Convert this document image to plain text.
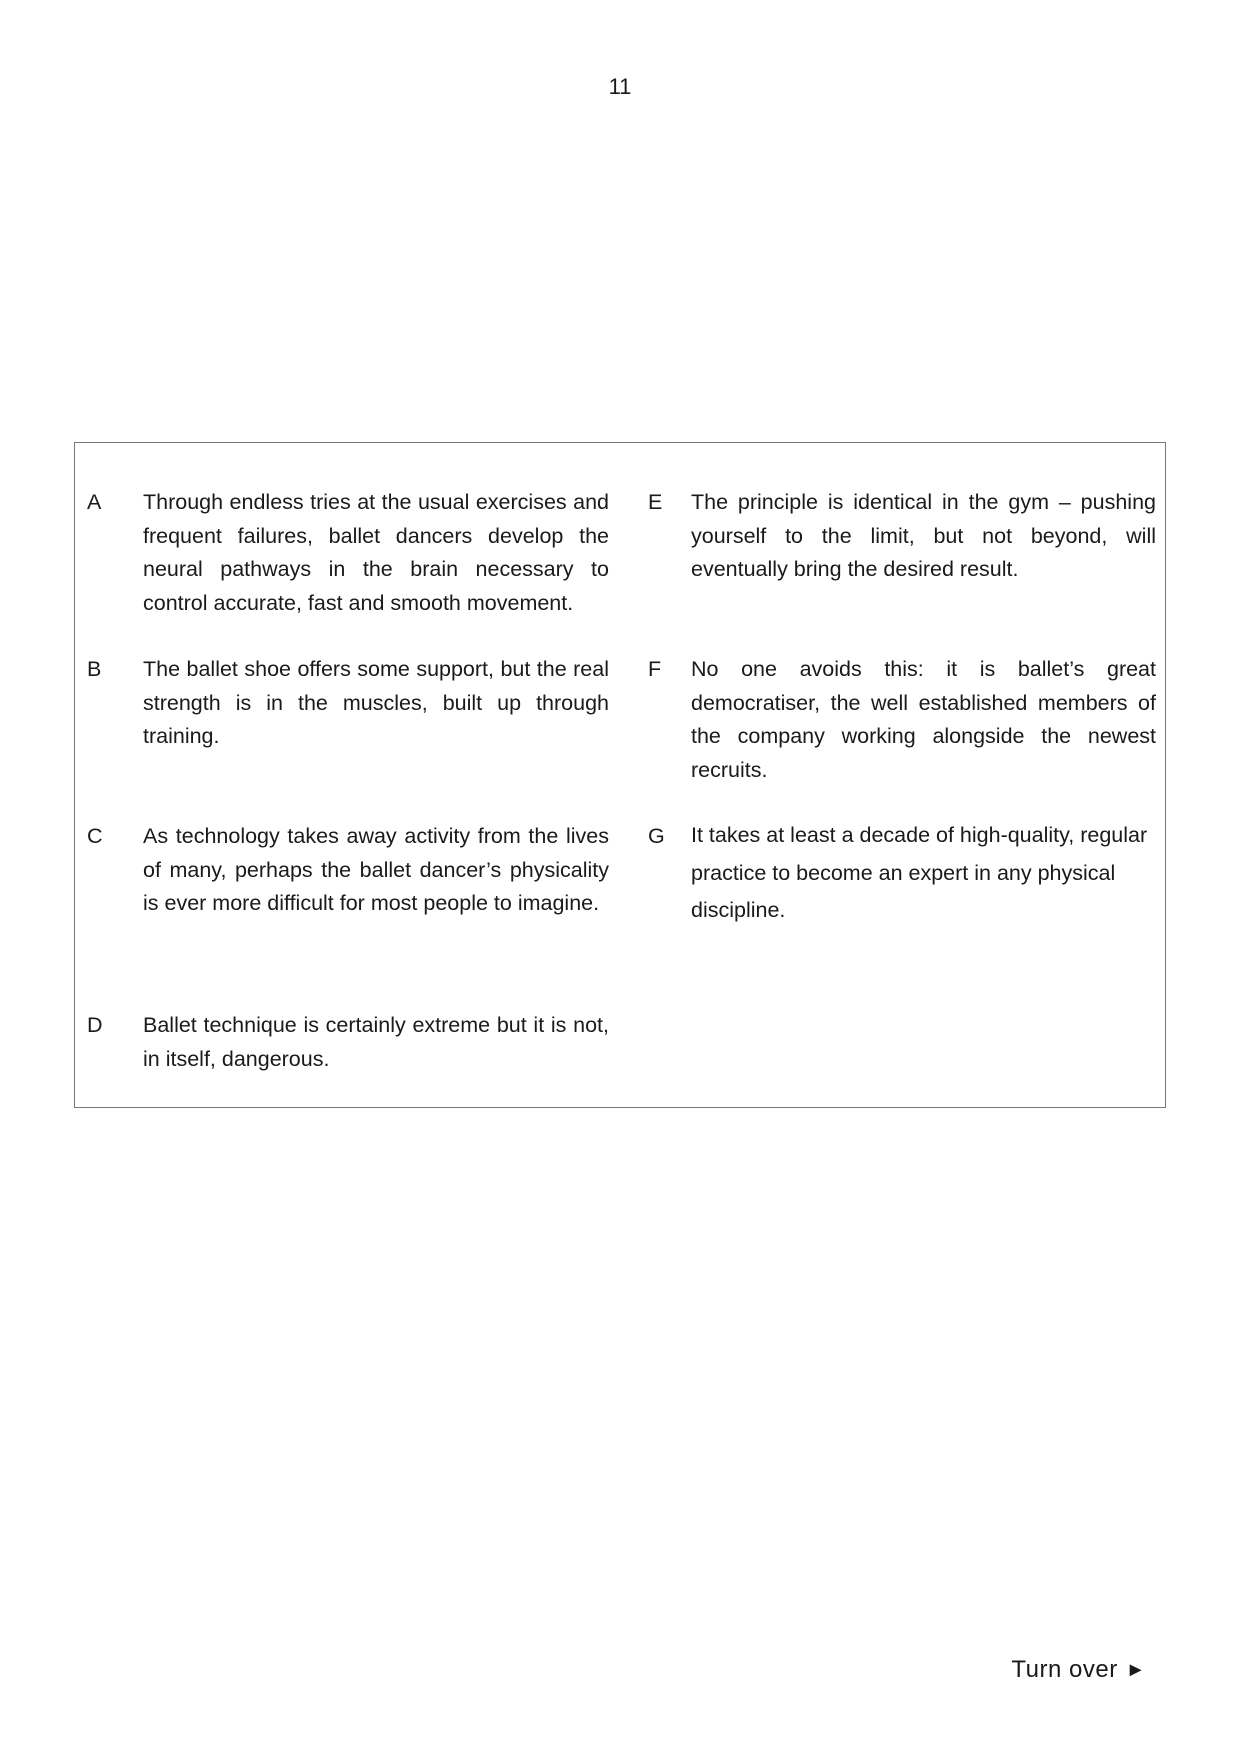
11
A	Through endless tries at the usual exercises and frequent failures, ballet dancers develop the neural pathways in the brain necessary to control accurate, fast and smooth movement.
B	The ballet shoe offers some support, but the real strength is in the muscles, built up through training.
C	As technology takes away activity from the lives of many, perhaps the ballet dancer’s physicality is ever more difficult for most people to imagine.
D	Ballet technique is certainly extreme but it is not, in itself, dangerous.
E	The principle is identical in the gym – pushing yourself to the limit, but not beyond, will eventually bring the desired result.
F	No one avoids this: it is ballet’s great democratiser, the well established members of the company working alongside the newest recruits.
G	It takes at least a decade of high-quality, regular practice to become an expert in any physical discipline.
Turn over ►
